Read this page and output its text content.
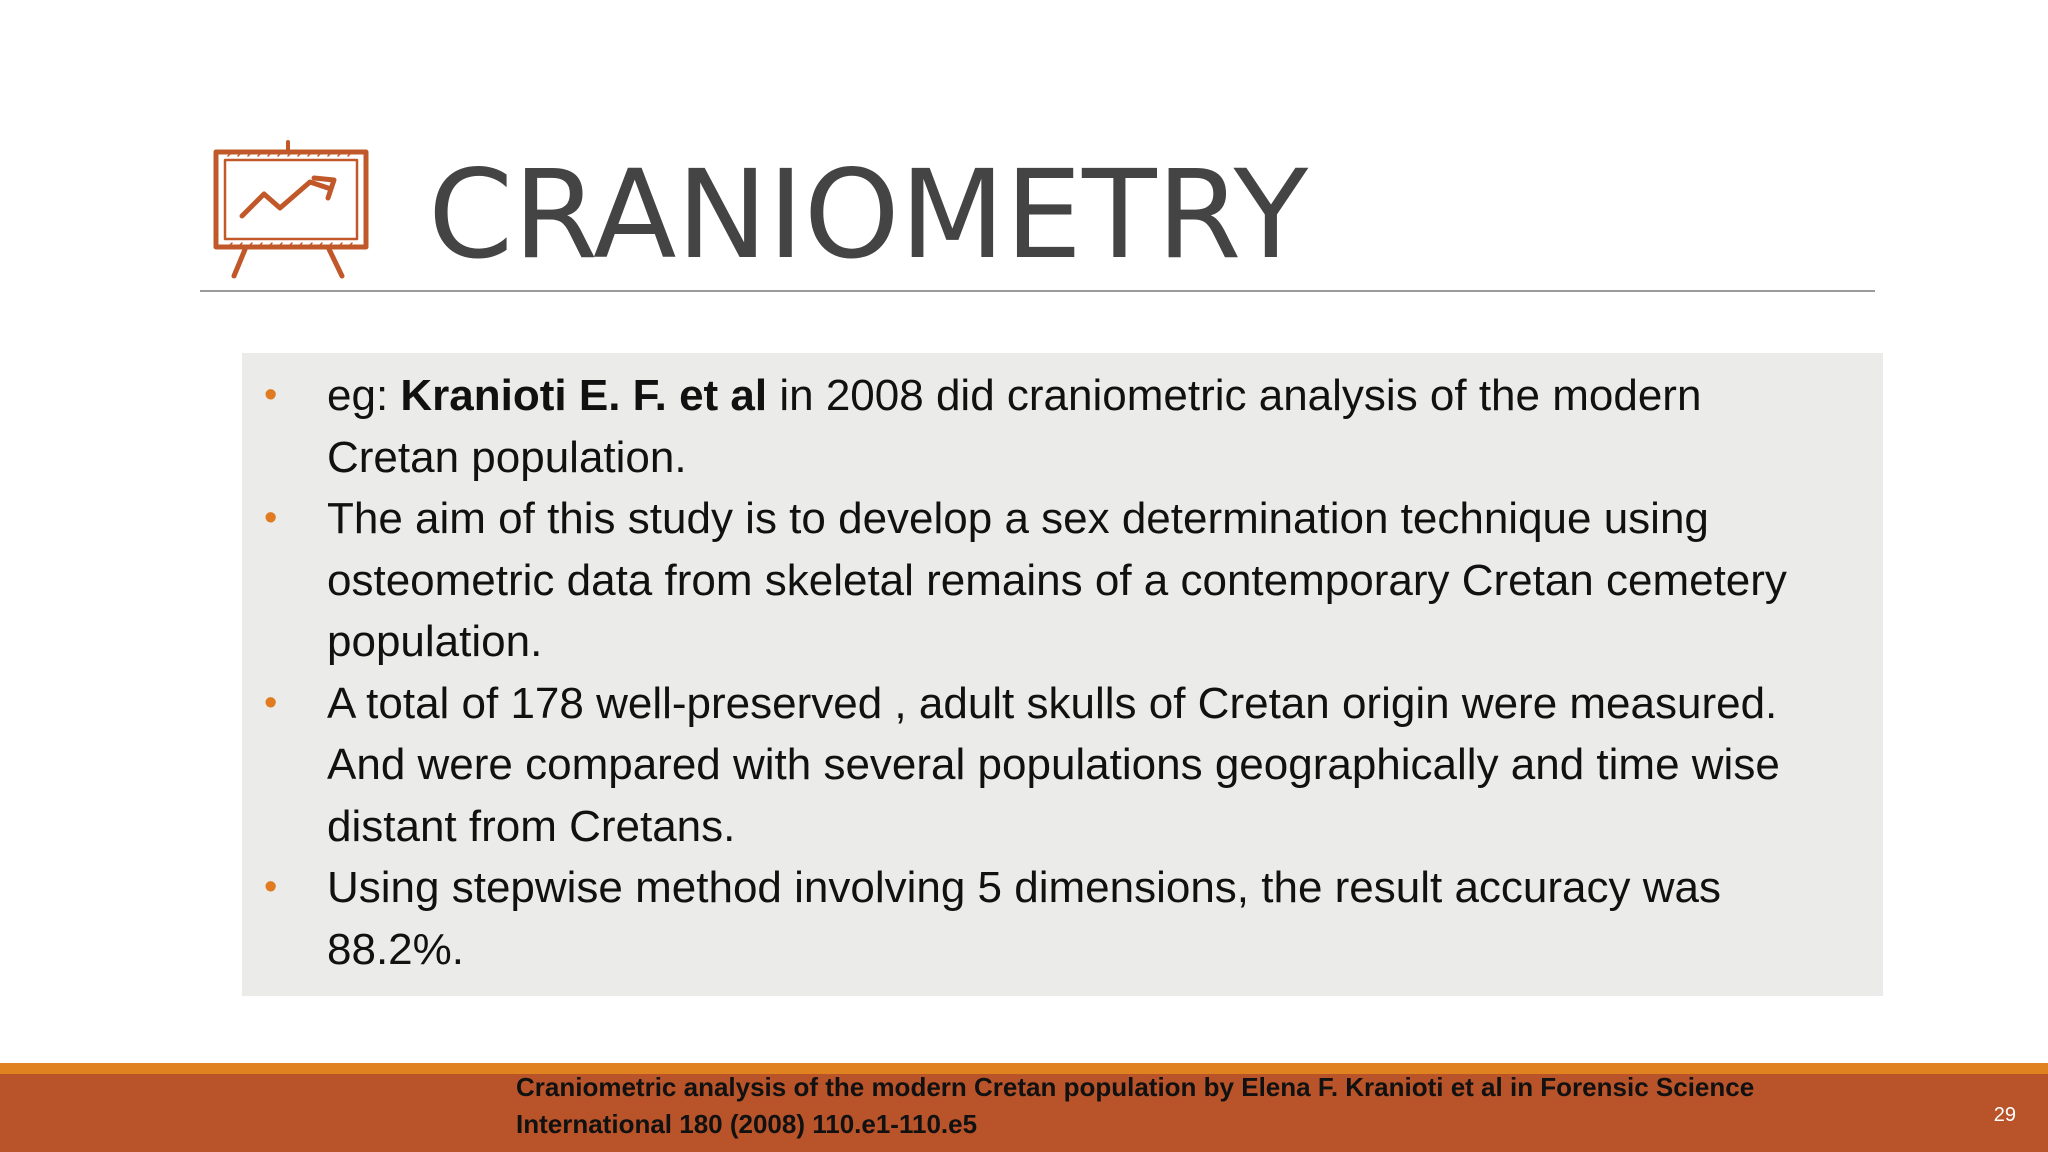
CRANIOMETRY
• eg: Kranioti E. F. et al in 2008 did craniometric analysis of the modern Cretan population.
• The aim of this study is to develop a sex determination technique using osteometric data from skeletal remains of a contemporary Cretan cemetery population.
• A total of 178 well-preserved , adult skulls of Cretan origin were measured. And were compared with several populations geographically and time wise distant from Cretans.
• Using stepwise method involving 5 dimensions, the result accuracy was 88.2%.
Craniometric analysis of the modern Cretan population by Elena F. Kranioti et al in Forensic Science
International 180 (2008) 110.e1-110.e5	29
